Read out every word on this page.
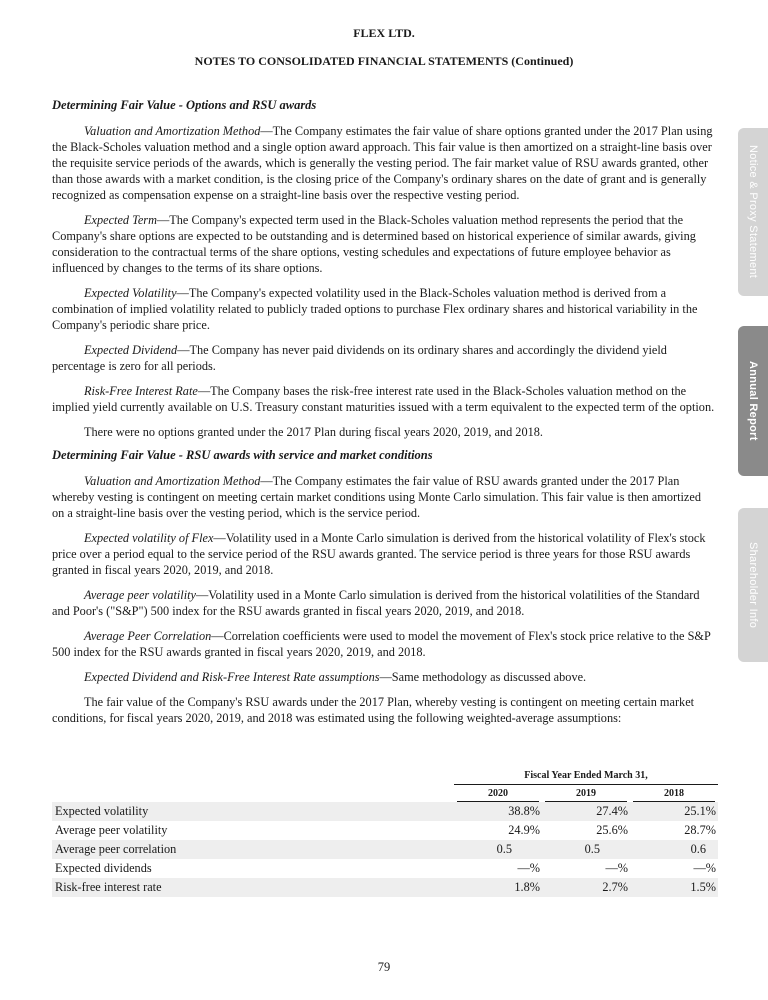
Notice & Proxy Statement
Annual Report
Shareholder Info

FLEX LTD.

NOTES TO CONSOLIDATED FINANCIAL STATEMENTS (Continued)

Determining Fair Value - Options and RSU awards

Valuation and Amortization Method—The Company estimates the fair value of share options granted under the 2017 Plan using the Black-Scholes valuation method and a single option award approach. This fair value is then amortized on a straight-line basis over the requisite service periods of the awards, which is generally the vesting period. The fair market value of RSU awards granted, other than those awards with a market condition, is the closing price of the Company's ordinary shares on the date of grant and is generally recognized as compensation expense on a straight-line basis over the respective vesting period.

Expected Term—The Company's expected term used in the Black-Scholes valuation method represents the period that the Company's share options are expected to be outstanding and is determined based on historical experience of similar awards, giving consideration to the contractual terms of the share options, vesting schedules and expectations of future employee behavior as influenced by changes to the terms of its share options.

Expected Volatility—The Company's expected volatility used in the Black-Scholes valuation method is derived from a combination of implied volatility related to publicly traded options to purchase Flex ordinary shares and historical variability in the Company's periodic share price.

Expected Dividend—The Company has never paid dividends on its ordinary shares and accordingly the dividend yield percentage is zero for all periods.

Risk-Free Interest Rate—The Company bases the risk-free interest rate used in the Black-Scholes valuation method on the implied yield currently available on U.S. Treasury constant maturities issued with a term equivalent to the expected term of the option.

There were no options granted under the 2017 Plan during fiscal years 2020, 2019, and 2018.

Determining Fair Value - RSU awards with service and market conditions

Valuation and Amortization Method—The Company estimates the fair value of RSU awards granted under the 2017 Plan whereby vesting is contingent on meeting certain market conditions using Monte Carlo simulation. This fair value is then amortized on a straight-line basis over the vesting period, which is the service period.

Expected volatility of Flex—Volatility used in a Monte Carlo simulation is derived from the historical volatility of Flex's stock price over a period equal to the service period of the RSU awards granted. The service period is three years for those RSU awards granted in fiscal years 2020, 2019, and 2018.

Average peer volatility—Volatility used in a Monte Carlo simulation is derived from the historical volatilities of the Standard and Poor's ("S&P") 500 index for the RSU awards granted in fiscal years 2020, 2019, and 2018.

Average Peer Correlation—Correlation coefficients were used to model the movement of Flex's stock price relative to the S&P 500 index for the RSU awards granted in fiscal years 2020, 2019, and 2018.

Expected Dividend and Risk-Free Interest Rate assumptions—Same methodology as discussed above.

The fair value of the Company's RSU awards under the 2017 Plan, whereby vesting is contingent on meeting certain market conditions, for fiscal years 2020, 2019, and 2018 was estimated using the following weighted-average assumptions:

Fiscal Year Ended March 31,
2020	2019	2018
Expected volatility	38.8%	27.4%	25.1%
Average peer volatility	24.9%	25.6%	28.7%
Average peer correlation	0.5	0.5	0.6
Expected dividends	—%	—%	—%
Risk-free interest rate	1.8%	2.7%	1.5%
79
